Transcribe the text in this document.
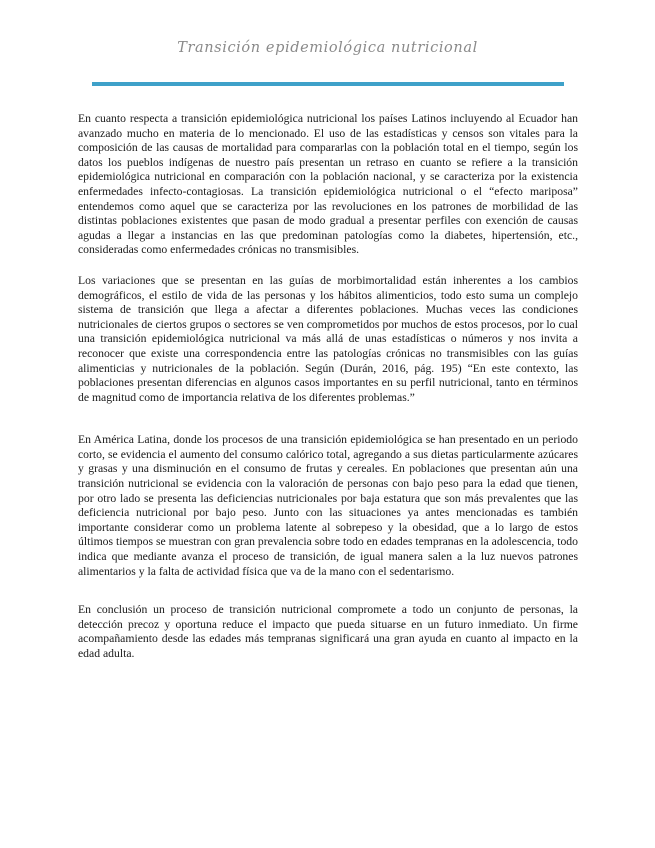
Transición epidemiológica nutricional

En cuanto respecta a transición epidemiológica nutricional los países Latinos incluyendo al Ecuador han avanzado mucho en materia de lo mencionado. El uso de las estadísticas y censos son vitales para la composición de las causas de mortalidad para compararlas con la población total en el tiempo, según los datos los pueblos indígenas de nuestro país presentan un retraso en cuanto se refiere a la transición epidemiológica nutricional en comparación con la población nacional, y se caracteriza por la existencia enfermedades infecto-contagiosas. La transición epidemiológica nutricional o el “efecto mariposa” entendemos como aquel que se caracteriza por las revoluciones en los patrones de morbilidad de las distintas poblaciones existentes que pasan de modo gradual a presentar perfiles con exención de causas agudas a llegar a instancias en las que predominan patologías como la diabetes, hipertensión, etc., consideradas como enfermedades crónicas no transmisibles.

Los variaciones que se presentan en las guías de morbimortalidad están inherentes a los cambios demográficos, el estilo de vida de las personas y los hábitos alimenticios, todo esto suma un complejo sistema de transición que llega a afectar a diferentes poblaciones. Muchas veces las condiciones nutricionales de ciertos grupos o sectores se ven comprometidos por muchos de estos procesos, por lo cual una transición epidemiológica nutricional va más allá de unas estadísticas o números y nos invita a reconocer que existe una correspondencia entre las patologías crónicas no transmisibles con las guías alimenticias y nutricionales de la población. Según (Durán, 2016, pág. 195) “En este contexto, las poblaciones presentan diferencias en algunos casos importantes en su perfil nutricional, tanto en términos de magnitud como de importancia relativa de los diferentes problemas.”

En América Latina, donde los procesos de una transición epidemiológica se han presentado en un periodo corto, se evidencia el aumento del consumo calórico total, agregando a sus dietas particularmente azúcares y grasas y una disminución en el consumo de frutas y cereales. En poblaciones que presentan aún una transición nutricional se evidencia con la valoración de personas con bajo peso para la edad que tienen, por otro lado se presenta las deficiencias nutricionales por baja estatura que son más prevalentes que las deficiencia nutricional por bajo peso. Junto con las situaciones ya antes mencionadas es también importante considerar como un problema latente al sobrepeso y la obesidad, que a lo largo de estos últimos tiempos se muestran con gran prevalencia sobre todo en edades tempranas en la adolescencia, todo indica que mediante avanza el proceso de transición, de igual manera salen a la luz nuevos patrones alimentarios y la falta de actividad física que va de la mano con el sedentarismo.

En conclusión un proceso de transición nutricional compromete a todo un conjunto de personas, la detección precoz y oportuna reduce el impacto que pueda situarse en un futuro inmediato. Un firme acompañamiento desde las edades más tempranas significará una gran ayuda en cuanto al impacto en la edad adulta.
